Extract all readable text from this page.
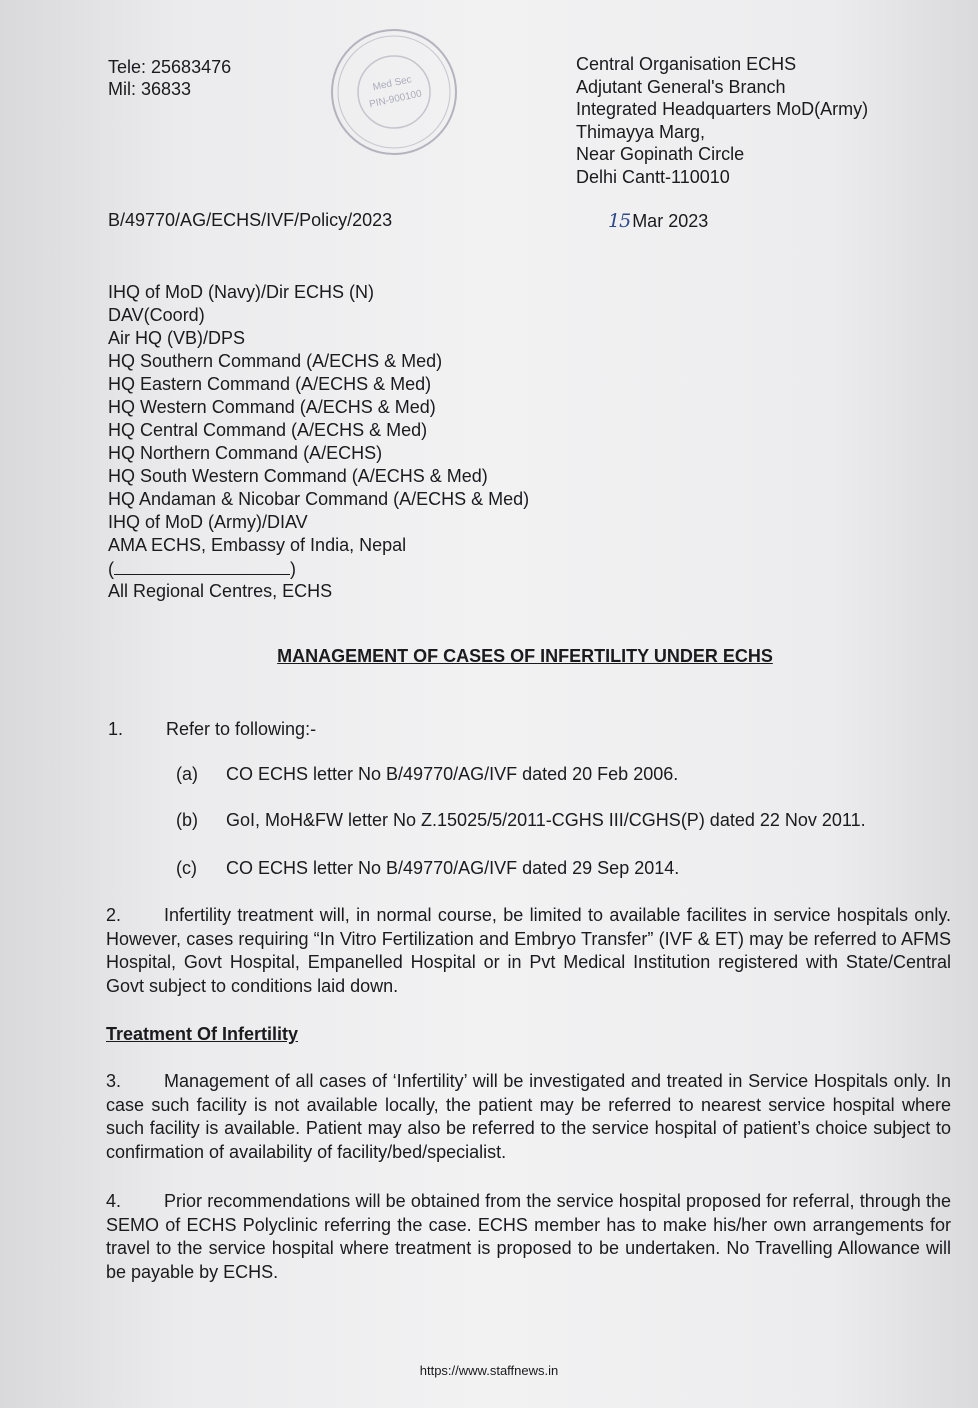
Tele: 25683476
Mil: 36833	Med Sec
PIN-900100
Central Organisation ECHS
Adjutant General's Branch
Integrated Headquarters MoD(Army)
Thimayya Marg,
Near Gopinath Circle
Delhi Cantt-110010
B/49770/AG/ECHS/IVF/Policy/2023	15 Mar 2023
IHQ of MoD (Navy)/Dir ECHS (N)
DAV(Coord)
Air HQ (VB)/DPS
HQ Southern Command (A/ECHS & Med)
HQ Eastern Command (A/ECHS & Med)
HQ Western Command (A/ECHS & Med)
HQ Central Command (A/ECHS & Med)
HQ Northern Command (A/ECHS)
HQ South Western Command (A/ECHS & Med)
HQ Andaman & Nicobar Command (A/ECHS & Med)
IHQ of MoD (Army)/DIAV
AMA ECHS, Embassy of India, Nepal
(	)
All Regional Centres, ECHS
MANAGEMENT OF CASES OF INFERTILITY UNDER ECHS
1. Refer to following:-
(a) CO ECHS letter No B/49770/AG/IVF dated 20 Feb 2006.
(b) GoI, MoH&FW letter No Z.15025/5/2011-CGHS III/CGHS(P) dated 22 Nov 2011.
(c) CO ECHS letter No B/49770/AG/IVF dated 29 Sep 2014.
2. Infertility treatment will, in normal course, be limited to available facilites in service hospitals only. However, cases requiring “In Vitro Fertilization and Embryo Transfer” (IVF & ET) may be referred to AFMS Hospital, Govt Hospital, Empanelled Hospital or in Pvt Medical Institution registered with State/Central Govt subject to conditions laid down.
Treatment Of Infertility
3. Management of all cases of ‘Infertility’ will be investigated and treated in Service Hospitals only. In case such facility is not available locally, the patient may be referred to nearest service hospital where such facility is available. Patient may also be referred to the service hospital of patient’s choice subject to confirmation of availability of facility/bed/specialist.
4. Prior recommendations will be obtained from the service hospital proposed for referral, through the SEMO of ECHS Polyclinic referring the case. ECHS member has to make his/her own arrangements for travel to the service hospital where treatment is proposed to be undertaken. No Travelling Allowance will be payable by ECHS.
https://www.staffnews.in
